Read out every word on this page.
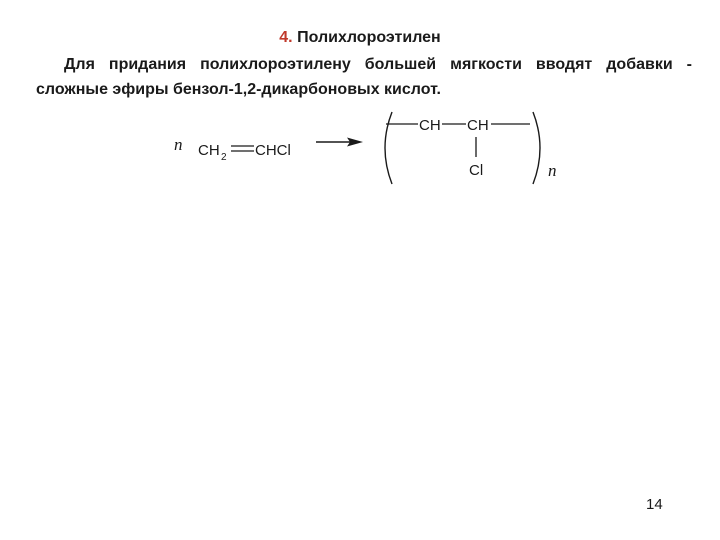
4. Полихлороэтилен

Для придания полихлороэтилену большей мягкости вводят добавки - сложные эфиры бензол-1,2-дикарбоновых кислот.

n CH 2 CHCl
CH CH
Cl	n
14
